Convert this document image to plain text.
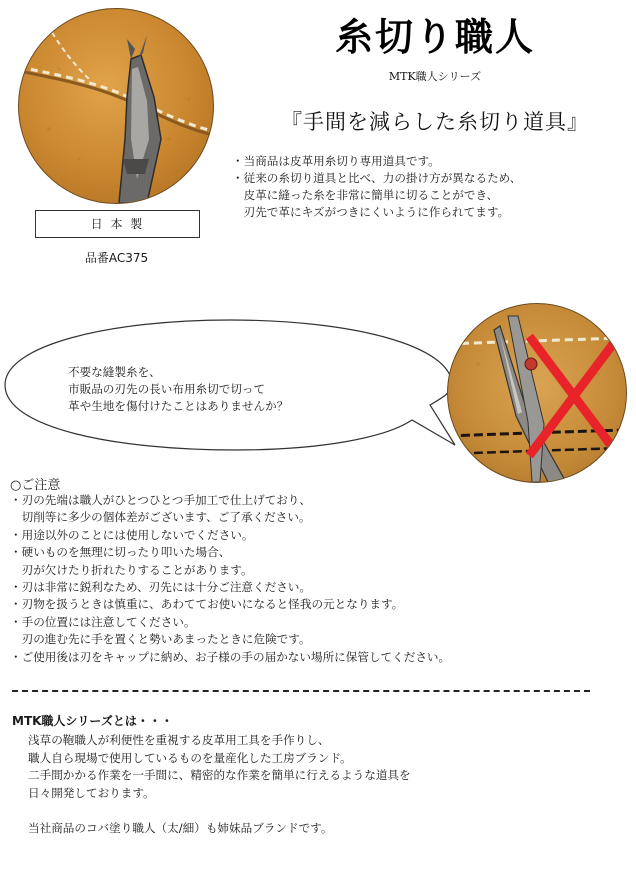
糸切り職人
MTK職人シリーズ
『手間を減らした糸切り道具』
・当商品は皮革用糸切り専用道具です。
・従来の糸切り道具と比べ、力の掛け方が異なるため、
　皮革に縫った糸を非常に簡単に切ることができ、
　刃先で革にキズがつきにくいように作られてます。
日 本 製
品番AC375
不要な縫製糸を、
市販品の刃先の長い布用糸切で切って
革や生地を傷付けたことはありませんか？
○ご注意
・刃の先端は職人がひとつひとつ手加工で仕上げており、
　切削等に多少の個体差がございます、ご了承ください。
・用途以外のことには使用しないでください。
・硬いものを無理に切ったり叩いた場合、
　刃が欠けたり折れたりすることがあります。
・刃は非常に鋭利なため、刃先には十分ご注意ください。
・刃物を扱うときは慎重に、あわててお使いになると怪我の元となります。
・手の位置には注意してください。
　刃の進む先に手を置くと勢いあまったときに危険です。
・ご使用後は刃をキャップに納め、お子様の手の届かない場所に保管してください。
MTK職人シリーズとは・・・
浅草の鞄職人が利便性を重視する皮革用工具を手作りし、
職人自ら現場で使用しているものを量産化した工房ブランド。
二手間かかる作業を一手間に、精密的な作業を簡単に行えるような道具を
日々開発しております。
当社商品のコバ塗り職人（太/細）も姉妹品ブランドです。
